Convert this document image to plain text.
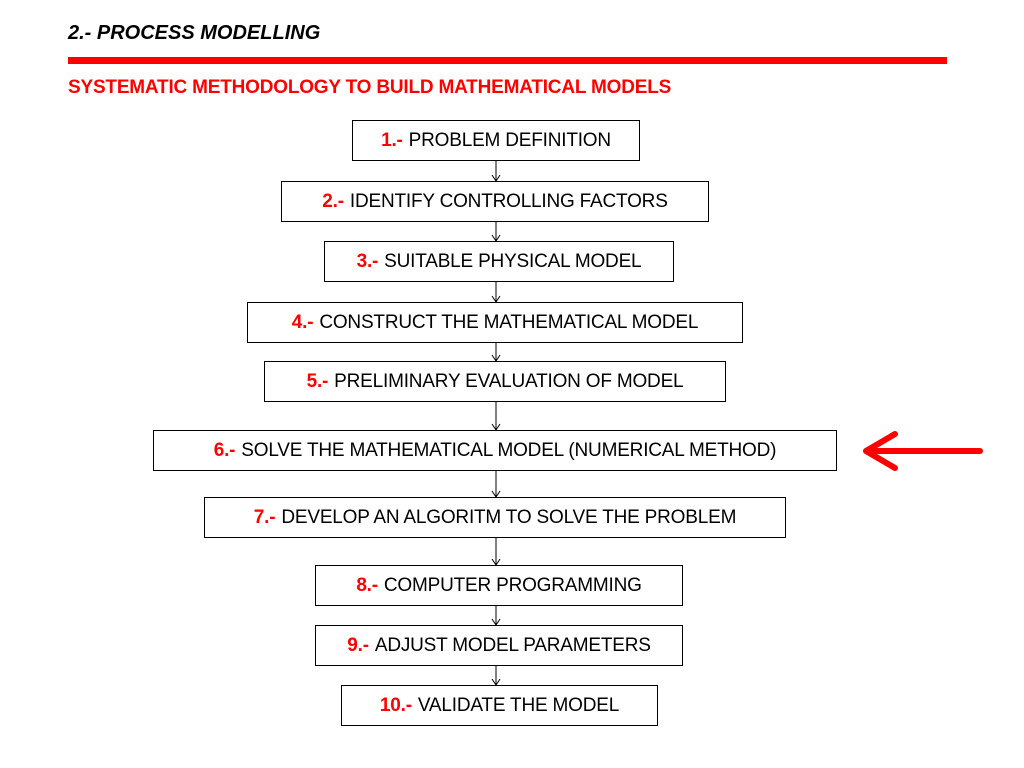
2.- PROCESS MODELLING
SYSTEMATIC METHODOLOGY TO BUILD MATHEMATICAL MODELS
1.- PROBLEM DEFINITION
2.- IDENTIFY CONTROLLING FACTORS
3.- SUITABLE PHYSICAL MODEL
4.- CONSTRUCT THE MATHEMATICAL MODEL
5.- PRELIMINARY EVALUATION OF MODEL
6.- SOLVE THE MATHEMATICAL MODEL (NUMERICAL METHOD)
7.- DEVELOP AN ALGORITM TO SOLVE THE PROBLEM
8.- COMPUTER PROGRAMMING
9.- ADJUST MODEL PARAMETERS
10.- VALIDATE THE MODEL
